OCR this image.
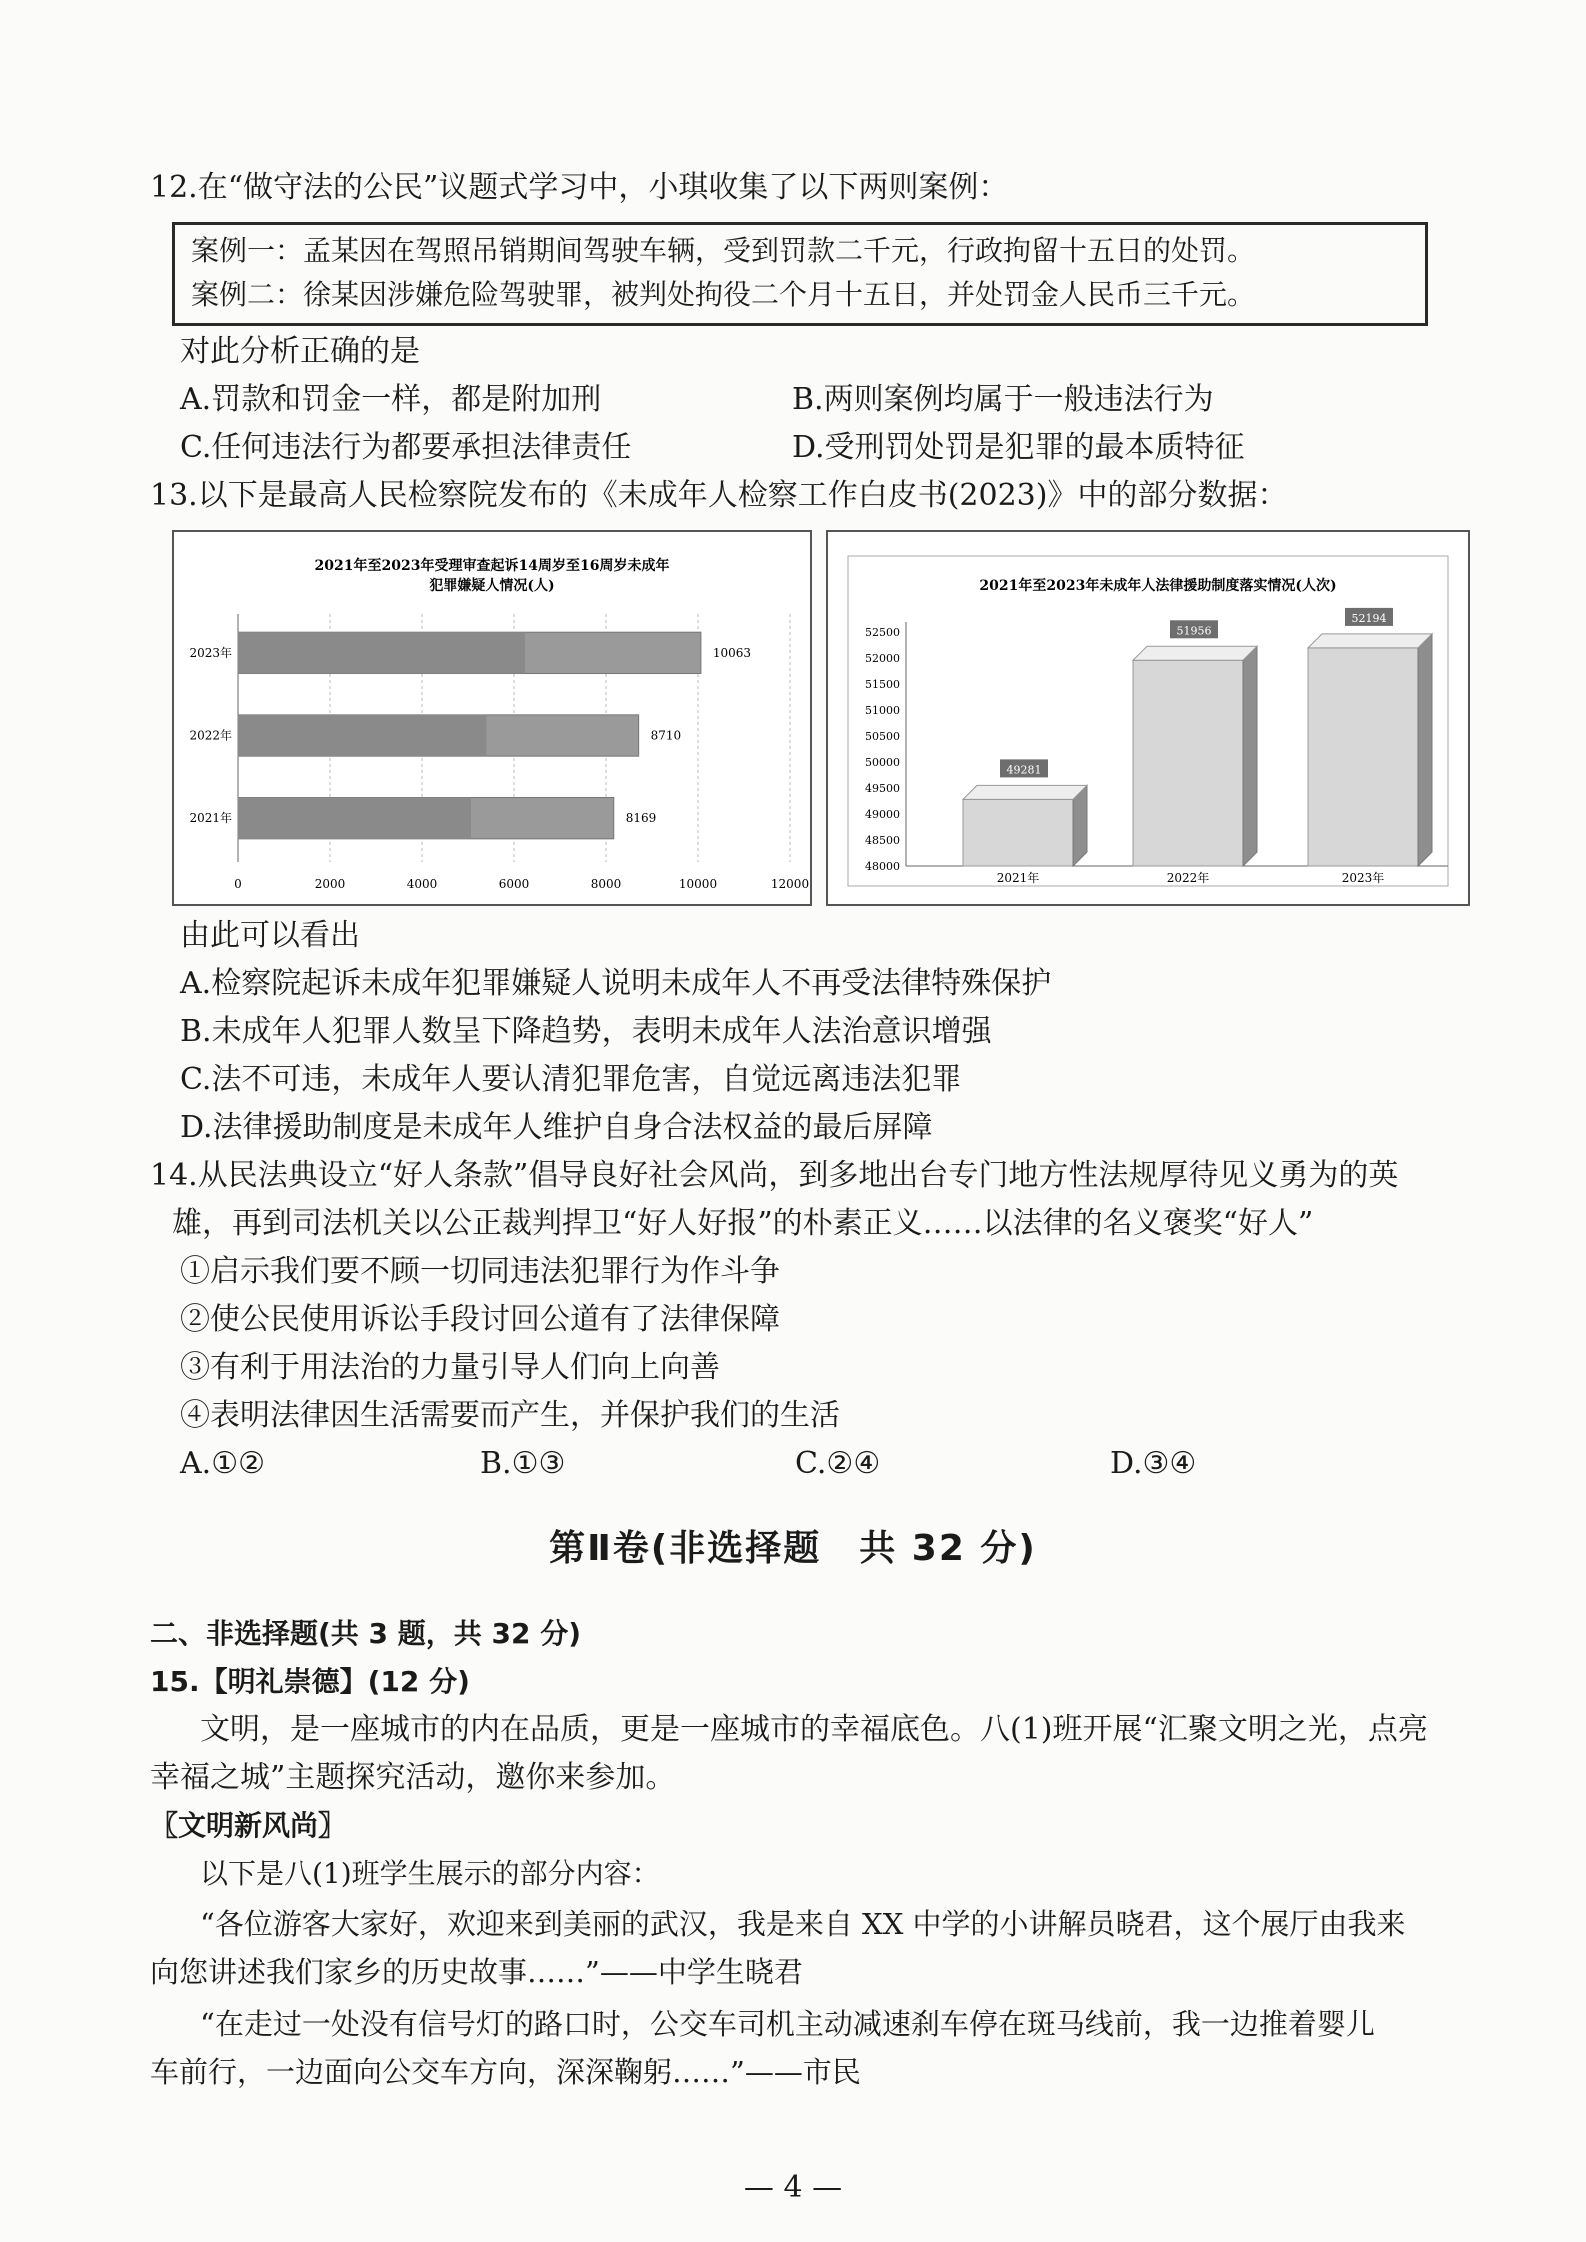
12.在“做守法的公民”议题式学习中，小琪收集了以下两则案例：
案例一：孟某因在驾照吊销期间驾驶车辆，受到罚款二千元，行政拘留十五日的处罚。
案例二：徐某因涉嫌危险驾驶罪，被判处拘役二个月十五日，并处罚金人民币三千元。
对此分析正确的是
A.罚款和罚金一样，都是附加刑	B.两则案例均属于一般违法行为
C.任何违法行为都要承担法律责任	D.受刑罚处罚是犯罪的最本质特征
13.以下是最高人民检察院发布的《未成年人检察工作白皮书(2023)》中的部分数据：
2021年至2023年受理审查起诉14周岁至16周岁未成年
犯罪嫌疑人情况(人)
2023年	10063
2022年	8710
2021年	8169
0	2000	4000	6000	8000	10000	12000
2021年至2023年未成年人法律援助制度落实情况(人次)
48000
48500
49000
49500
50000
50500
51000
51500
52000
52500
49281
51956
52194
2021年	2022年	2023年
由此可以看出
A.检察院起诉未成年犯罪嫌疑人说明未成年人不再受法律特殊保护
B.未成年人犯罪人数呈下降趋势，表明未成年人法治意识增强
C.法不可违，未成年人要认清犯罪危害，自觉远离违法犯罪
D.法律援助制度是未成年人维护自身合法权益的最后屏障
14.从民法典设立“好人条款”倡导良好社会风尚，到多地出台专门地方性法规厚待见义勇为的英
雄，再到司法机关以公正裁判捍卫“好人好报”的朴素正义……以法律的名义褒奖“好人”
①启示我们要不顾一切同违法犯罪行为作斗争
②使公民使用诉讼手段讨回公道有了法律保障
③有利于用法治的力量引导人们向上向善
④表明法律因生活需要而产生，并保护我们的生活
A.①②	B.①③	C.②④	D.③④
第Ⅱ卷(非选择题　共 32 分)
二、非选择题(共 3 题，共 32 分)
15.【明礼崇德】(12 分)
文明，是一座城市的内在品质，更是一座城市的幸福底色。八(1)班开展“汇聚文明之光，点亮
幸福之城”主题探究活动，邀你来参加。
〖文明新风尚〗
以下是八(1)班学生展示的部分内容：
“各位游客大家好，欢迎来到美丽的武汉，我是来自 XX 中学的小讲解员晓君，这个展厅由我来
向您讲述我们家乡的历史故事……”——中学生晓君
“在走过一处没有信号灯的路口时，公交车司机主动减速刹车停在斑马线前，我一边推着婴儿
车前行，一边面向公交车方向，深深鞠躬……”——市民
— 4 —
